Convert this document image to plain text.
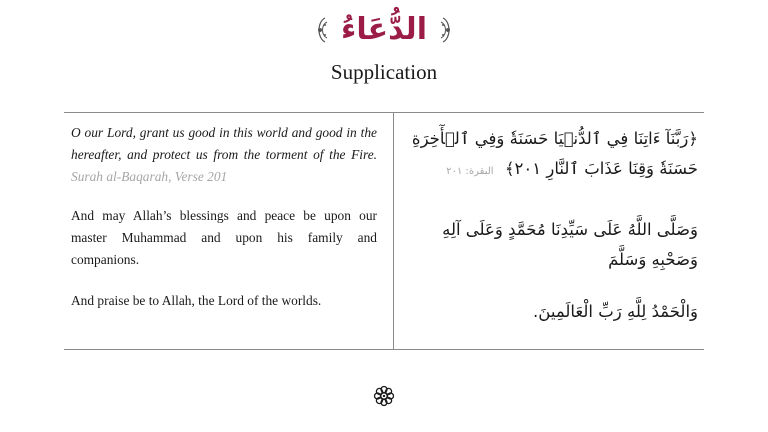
الدُّعَاءُ
Supplication

O our Lord, grant us good in this world and good in the hereafter, and protect us from the torment of the Fire. Surah al-Baqarah, Verse 201

And may Allah’s blessings and peace be upon our master Muhammad and upon his family and companions.

And praise be to Allah, the Lord of the worlds.

﴿رَبَّنَآ ءَاتِنَا فِي ٱلدُّنۡيَا حَسَنَةٗ وَفِي ٱلۡأٓخِرَةِ حَسَنَةٗ وَقِنَا عَذَابَ ٱلنَّارِ ٢٠١﴾ البقرة: ٢٠١
وَصَلَّى اللَّهُ عَلَى سَيِّدِنَا مُحَمَّدٍ وَعَلَى آلِهِ وَصَحْبِهِ وَسَلَّمَ
وَالْحَمْدُ لِلَّهِ رَبِّ الْعَالَمِينَ.
